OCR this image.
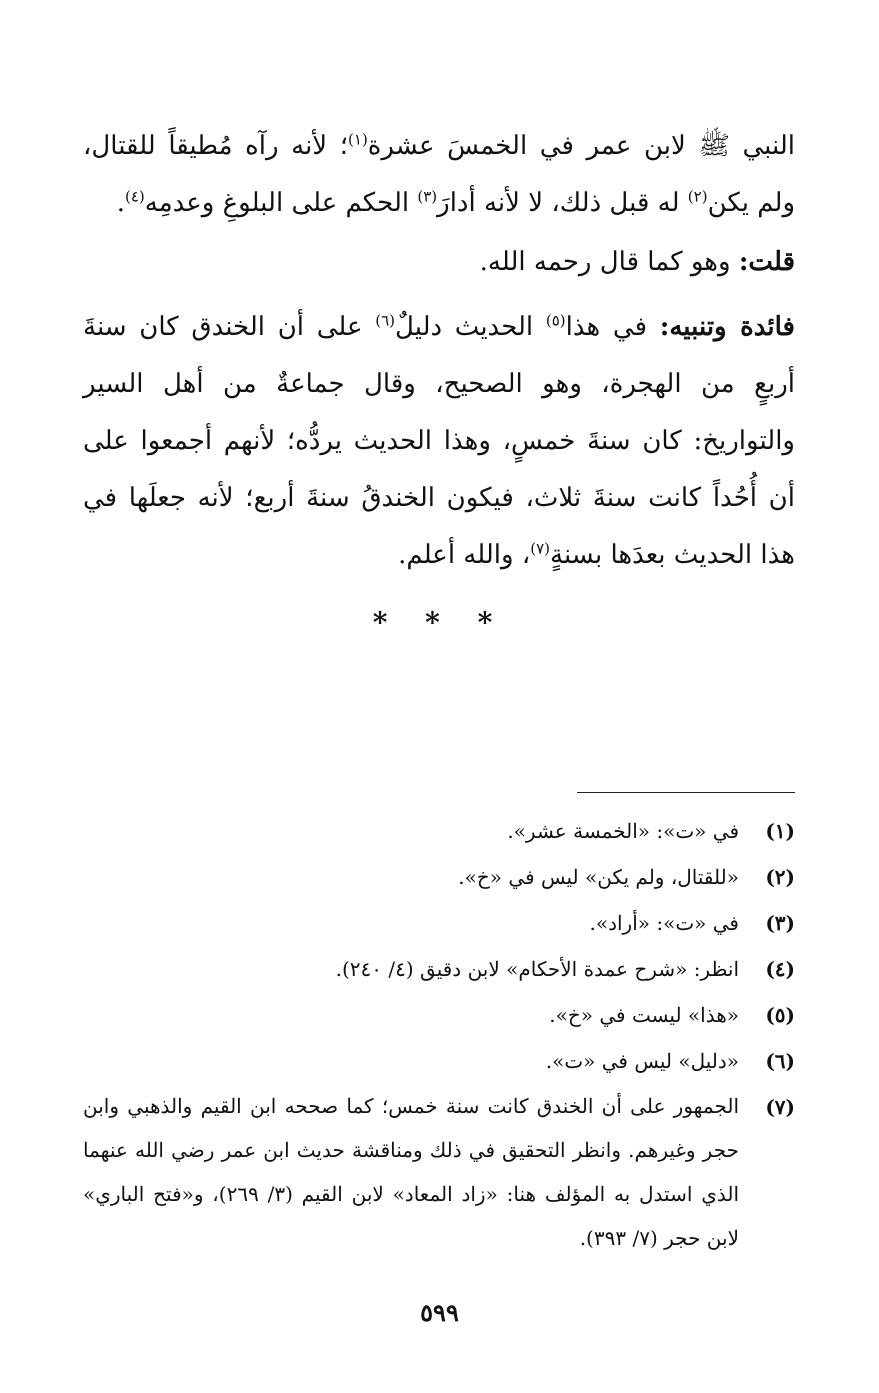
النبي ﷺ لابن عمر في الخمسَ عشرة$^{(١)}$؛ لأنه رآه مُطيقاً للقتال، ولم يكن$^{(٢)}$ له قبل ذلك، لا لأنه أدارَ$^{(٣)}$ الحكم على البلوغِ وعدمِه$^{(٤)}$.

قلت: وهو كما قال رحمه الله.

فائدة وتنبيه: في هذا$^{(٥)}$ الحديث دليلٌ$^{(٦)}$ على أن الخندق كان سنةَ أربعٍ من الهجرة، وهو الصحيح، وقال جماعةٌ من أهل السير والتواريخ: كان سنةَ خمسٍ، وهذا الحديث يردُّه؛ لأنهم أجمعوا على أن أُحُداً كانت سنةَ ثلاث، فيكون الخندقُ سنةَ أربع؛ لأنه جعلَها في هذا الحديث بعدَها بسنةٍ$^{(٧)}$، والله أعلم.

* * *
(١)
في «ت»: «الخمسة عشر».
(٢)
«للقتال، ولم يكن» ليس في «خ».
(٣)
في «ت»: «أراد».
(٤)
انظر: «شرح عمدة الأحكام» لابن دقيق (٤/ ٢٤٠).
(٥)
«هذا» ليست في «خ».
(٦)
«دليل» ليس في «ت».
(٧)
الجمهور على أن الخندق كانت سنة خمس؛ كما صححه ابن القيم والذهبي وابن حجر وغيرهم. وانظر التحقيق في ذلك ومناقشة حديث ابن عمر رضي الله عنهما الذي استدل به المؤلف هنا: «زاد المعاد» لابن القيم (٣/ ٢٦٩)، و«فتح الباري» لابن حجر (٧/ ٣٩٣).
٥٩٩
